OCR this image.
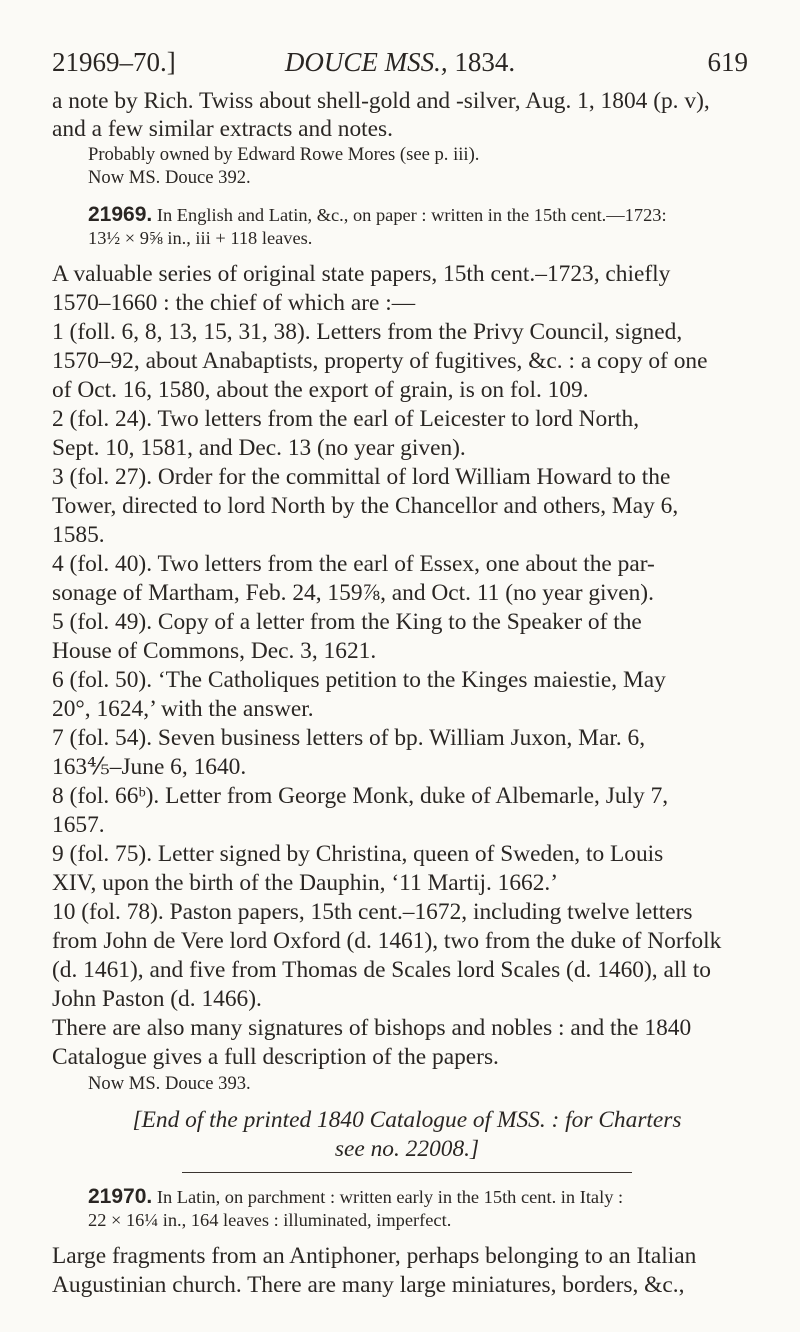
21969–70.]	DOUCE MSS., 1834.	619

a note by Rich. Twiss about shell-gold and -silver, Aug. 1, 1804 (p. v),

and a few similar extracts and notes.

Probably owned by Edward Rowe Mores (see p. iii).

Now MS. Douce 392.

21969. In English and Latin, &c., on paper : written in the 15th cent.—1723:

13½ × 9⅝ in., iii + 118 leaves.

A valuable series of original state papers, 15th cent.–1723, chiefly

1570–1660 : the chief of which are :—

1 (foll. 6, 8, 13, 15, 31, 38). Letters from the Privy Council, signed,

1570–92, about Anabaptists, property of fugitives, &c. : a copy of one

of Oct. 16, 1580, about the export of grain, is on fol. 109.

2 (fol. 24). Two letters from the earl of Leicester to lord North,

Sept. 10, 1581, and Dec. 13 (no year given).

3 (fol. 27). Order for the committal of lord William Howard to the

Tower, directed to lord North by the Chancellor and others, May 6,

1585.

4 (fol. 40). Two letters from the earl of Essex, one about the par-

sonage of Martham, Feb. 24, 159⅞, and Oct. 11 (no year given).

5 (fol. 49). Copy of a letter from the King to the Speaker of the

House of Commons, Dec. 3, 1621.

6 (fol. 50). ‘The Catholiques petition to the Kinges maiestie, May

20°, 1624,’ with the answer.

7 (fol. 54). Seven business letters of bp. William Juxon, Mar. 6,

163⅘–June 6, 1640.

8 (fol. 66ᵇ). Letter from George Monk, duke of Albemarle, July 7,

1657.

9 (fol. 75). Letter signed by Christina, queen of Sweden, to Louis

XIV, upon the birth of the Dauphin, ‘11 Martij. 1662.’

10 (fol. 78). Paston papers, 15th cent.–1672, including twelve letters

from John de Vere lord Oxford (d. 1461), two from the duke of Norfolk

(d. 1461), and five from Thomas de Scales lord Scales (d. 1460), all to

John Paston (d. 1466).

There are also many signatures of bishops and nobles : and the 1840

Catalogue gives a full description of the papers.

Now MS. Douce 393.

[End of the printed 1840 Catalogue of MSS. : for Charters

see no. 22008.]

21970. In Latin, on parchment : written early in the 15th cent. in Italy :

22 × 16¼ in., 164 leaves : illuminated, imperfect.

Large fragments from an Antiphoner, perhaps belonging to an Italian

Augustinian church. There are many large miniatures, borders, &c.,
